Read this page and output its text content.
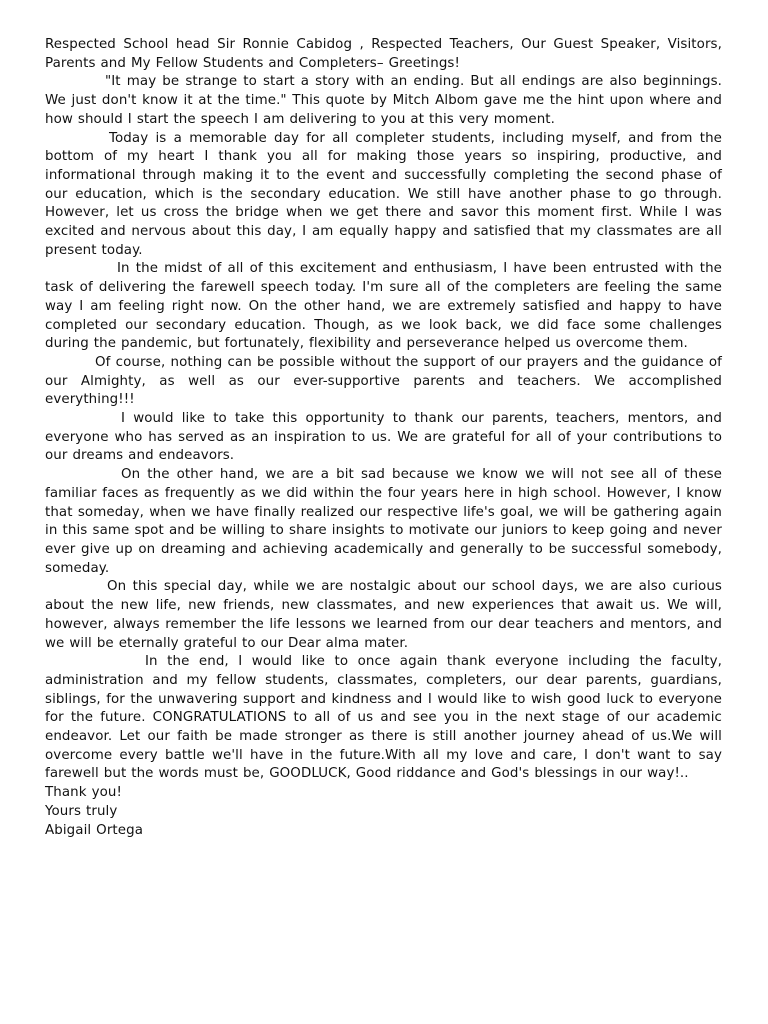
Respected School head Sir Ronnie Cabidog , Respected Teachers, Our Guest Speaker, Visitors, Parents and My Fellow Students and Completers– Greetings!

"It may be strange to start a story with an ending. But all endings are also beginnings. We just don't know it at the time." This quote by Mitch Albom gave me the hint upon where and how should I start the speech I am delivering to you at this very moment.

Today is a memorable day for all completer students, including myself, and from the bottom of my heart I thank you all for making those years so inspiring, productive, and informational through making it to the event and successfully completing the second phase of our education, which is the secondary education. We still have another phase to go through. However, let us cross the bridge when we get there and savor this moment first. While I was excited and nervous about this day, I am equally happy and satisfied that my classmates are all present today.

In the midst of all of this excitement and enthusiasm, I have been entrusted with the task of delivering the farewell speech today. I'm sure all of the completers are feeling the same way I am feeling right now. On the other hand, we are extremely satisfied and happy to have completed our secondary education. Though, as we look back, we did face some challenges during the pandemic, but fortunately, flexibility and perseverance helped us overcome them.

Of course, nothing can be possible without the support of our prayers and the guidance of our Almighty, as well as our ever-supportive parents and teachers. We accomplished everything!!!

I would like to take this opportunity to thank our parents, teachers, mentors, and everyone who has served as an inspiration to us. We are grateful for all of your contributions to our dreams and endeavors.

On the other hand, we are a bit sad because we know we will not see all of these familiar faces as frequently as we did within the four years here in high school. However, I know that someday, when we have finally realized our respective life's goal, we will be gathering again in this same spot and be willing to share insights to motivate our juniors to keep going and never ever give up on dreaming and achieving academically and generally to be successful somebody, someday.

On this special day, while we are nostalgic about our school days, we are also curious about the new life, new friends, new classmates, and new experiences that await us. We will, however, always remember the life lessons we learned from our dear teachers and mentors, and we will be eternally grateful to our Dear alma mater.

In the end, I would like to once again thank everyone including the faculty, administration and my fellow students, classmates, completers, our dear parents, guardians, siblings, for the unwavering support and kindness and I would like to wish good luck to everyone for the future. CONGRATULATIONS to all of us and see you in the next stage of our academic endeavor. Let our faith be made stronger as there is still another journey ahead of us.We will overcome every battle we'll have in the future.With all my love and care, I don't want to say farewell but the words must be, GOODLUCK, Good riddance and God's blessings in our way!..

Thank you!

Yours truly

Abigail Ortega
